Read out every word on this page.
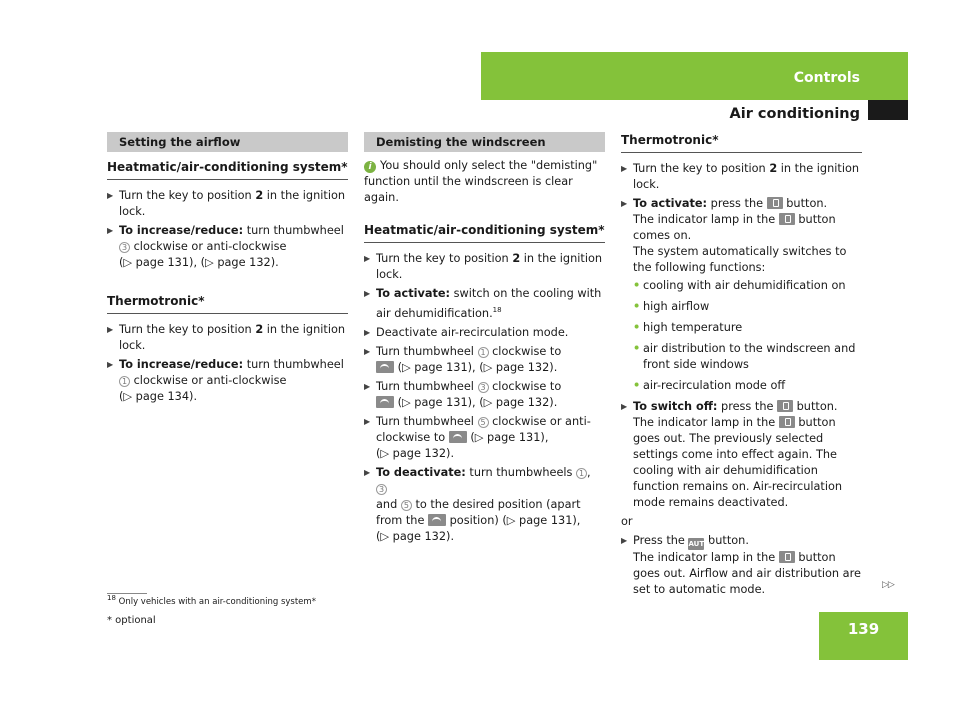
Controls
Air conditioning
Setting the airflow
Heatmatic/air-conditioning system*
▶
Turn the key to position 2 in the ignition lock.
▶
To increase/reduce: turn thumbwheel
3 clockwise or anti-clockwise
(▷ page 131), (▷ page 132).
Thermotronic*
▶
Turn the key to position 2 in the ignition lock.
▶
To increase/reduce: turn thumbwheel
1 clockwise or anti-clockwise
(▷ page 134).
Demisting the windscreen
i You should only select the "demisting" function until the windscreen is clear again.
Heatmatic/air-conditioning system*
▶
Turn the key to position 2 in the ignition lock.
▶
To activate: switch on the cooling with air dehumidification.$^{18}$
▶
Deactivate air-recirculation mode.
▶
Turn thumbwheel 1 clockwise to
(▷ page 131), (▷ page 132).
▶
Turn thumbwheel 3 clockwise to
(▷ page 131), (▷ page 132).
▶
Turn thumbwheel 5 clockwise or anti-clockwise to  (▷ page 131),
(▷ page 132).
▶
To deactivate: turn thumbwheels 1 , 3
and 5 to the desired position (apart from the  position) (▷ page 131),
(▷ page 132).
Thermotronic*
▶
Turn the key to position 2 in the ignition lock.
▶
To activate: press the  button.
The indicator lamp in the  button comes on.
The system automatically switches to the following functions:
• cooling with air dehumidification on
• high airflow
• high temperature
• air distribution to the windscreen and front side windows
• air-recirculation mode off
▶
To switch off: press the  button.
The indicator lamp in the  button goes out. The previously selected settings come into effect again. The cooling with air dehumidification function remains on. Air-recirculation mode remains deactivated.
or
▶
Press the AUTO button.
The indicator lamp in the  button goes out. Airflow and air distribution are set to automatic mode.	▷▷
$^{18}$ Only vehicles with an air-conditioning system*
* optional	139
